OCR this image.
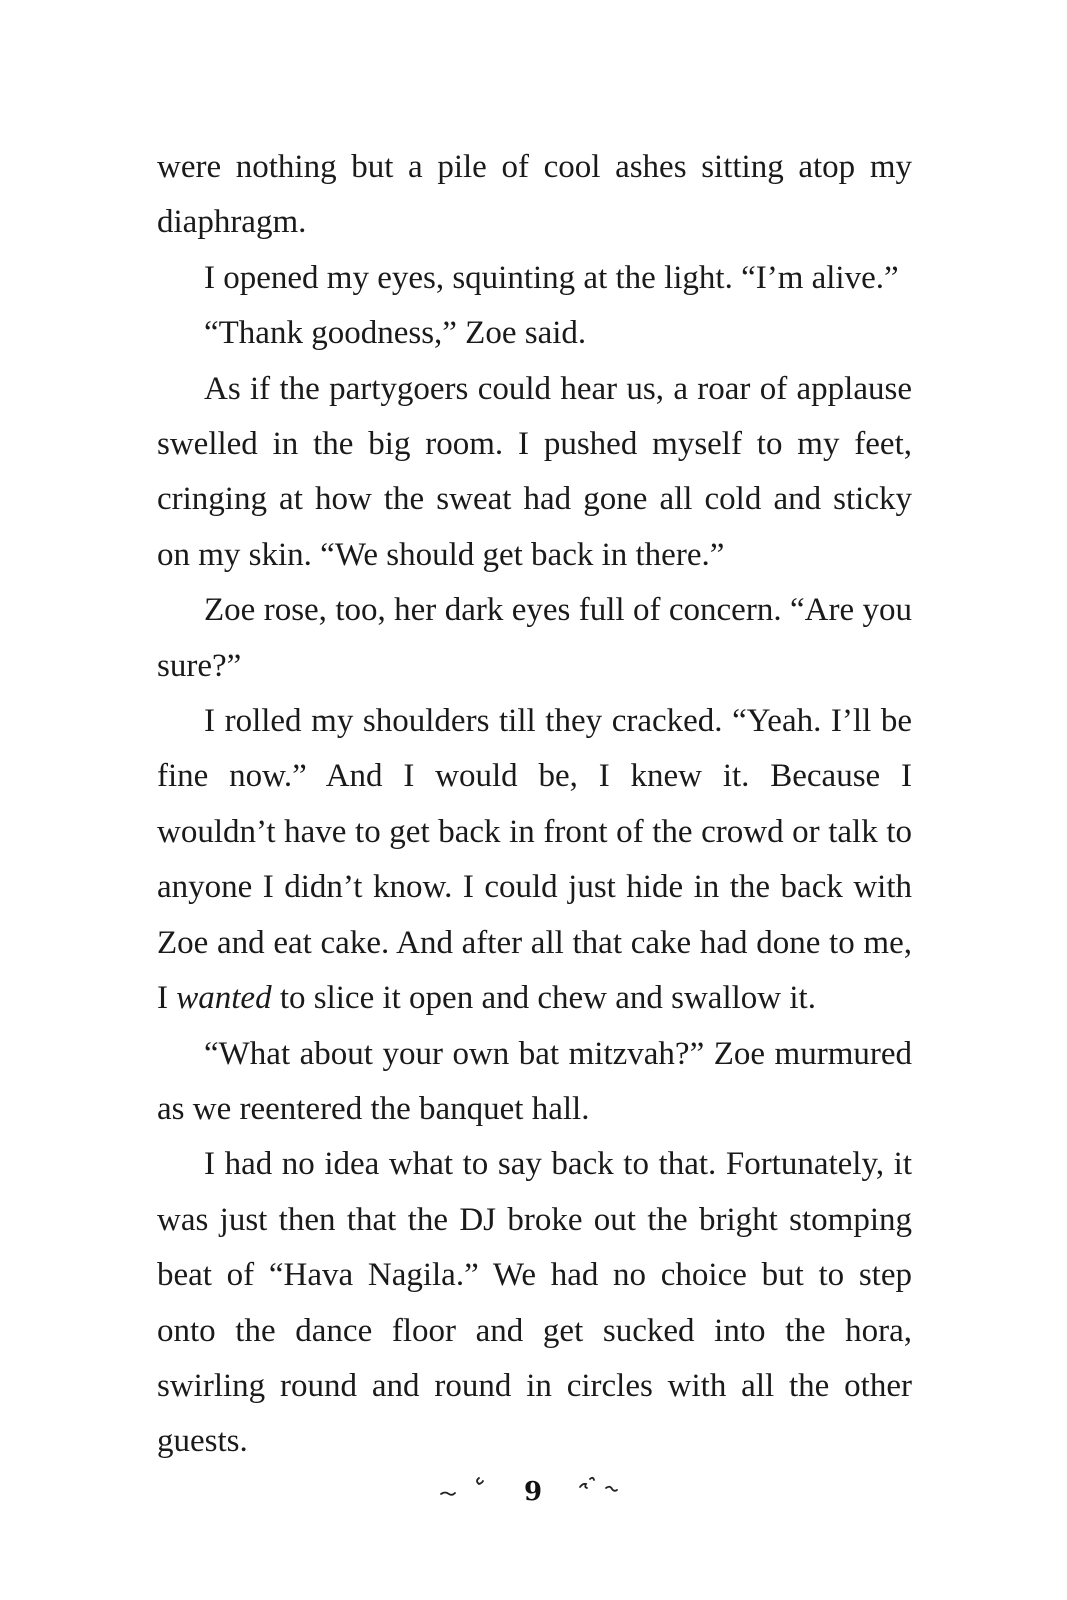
were nothing but a pile of cool ashes sitting atop my diaphragm.

I opened my eyes, squinting at the light. “I’m alive.”

“Thank goodness,” Zoe said.

As if the partygoers could hear us, a roar of applause swelled in the big room. I pushed myself to my feet, cringing at how the sweat had gone all cold and sticky on my skin. “We should get back in there.”

Zoe rose, too, her dark eyes full of concern. “Are you sure?”

I rolled my shoulders till they cracked. “Yeah. I’ll be fine now.” And I would be, I knew it. Because I wouldn’t have to get back in front of the crowd or talk to anyone I didn’t know. I could just hide in the back with Zoe and eat cake. And after all that cake had done to me, I wanted to slice it open and chew and swallow it.

“What about your own bat mitzvah?” Zoe murmured as we reentered the banquet hall.

I had no idea what to say back to that. Fortunately, it was just then that the DJ broke out the bright stomping beat of “Hava Nagila.” We had no choice but to step onto the dance floor and get sucked into the hora, swirling round and round in circles with all the other guests.

9
